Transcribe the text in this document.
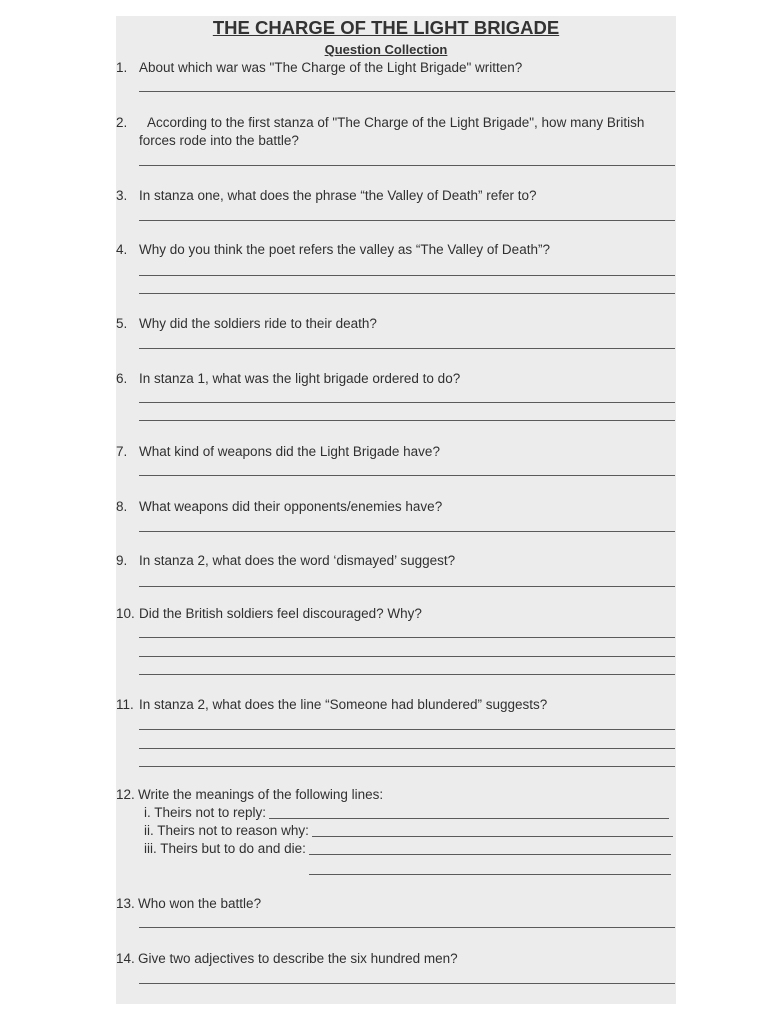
THE CHARGE OF THE LIGHT BRIGADE
Question Collection
1. About which war was "The Charge of the Light Brigade" written?
2. According to the first stanza of "The Charge of the Light Brigade", how many British
forces rode into the battle?
3. In stanza one, what does the phrase “the Valley of Death” refer to?
4. Why do you think the poet refers the valley as “The Valley of Death”?
5. Why did the soldiers ride to their death?
6. In stanza 1, what was the light brigade ordered to do?
7. What kind of weapons did the Light Brigade have?
8. What weapons did their opponents/enemies have?
9. In stanza 2, what does the word ‘dismayed’ suggest?
10. Did the British soldiers feel discouraged? Why?
11. In stanza 2, what does the line “Someone had blundered” suggests?
12. Write the meanings of the following lines:
i. Theirs not to reply:
ii. Theirs not to reason why:
iii. Theirs but to do and die:
13. Who won the battle?
14. Give two adjectives to describe the six hundred men?
